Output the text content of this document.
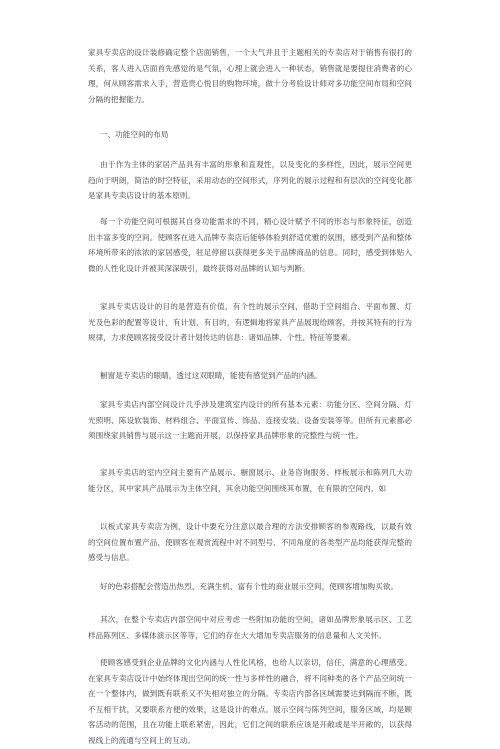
家具专卖店的设计装修确定整个店面销售，一个大气并且于主题相关的专卖店对于销售有很打的关系，客人进入店面首先感觉的是气氛，心理上就会进入一种状态，销售就是要提住消费者的心理，何从顾客需求入手，营造贵心悦目的购物环境，做十分考验设计师对多功能空间布局和空间分隔的把握能力。

一、功能空间的布局

由于作为主体的家居产品具有丰富的形象和直观性，以及变化的多样性，因此，展示空间更趋向于明朗，简洁的时空特征，采用动态的空间形式，序列化的展示过程和有层次的空间变化都是家具专卖店设计的基本原则。

每一个功能空间可根据其自身功能需求的不同，精心设计赋予不同的形态与形象特征，创造出丰富多变的空间。使顾客在进入品牌专卖店后能够体验到舒适优雅的氛围，感受到产品和整体环境所带来的浓浓的家居感受，驻足停留以获得更多关于品牌商品的信息。同时，感受到体贴入微的人性化设计并被其深深吸引，最终获得对品牌的认知与判断。

家具专卖店设计的目的是营造有价值，有个性的展示空间，借助于空间组合、平面布置、灯光及色彩的配置等设计，有计划，有目的，有逻辑地将家具产品展现给顾客，并按其特有的行为规律，力求使顾客接受设计者计划传达的信息：诸如品牌、个性、特征等要素。

橱窗是专卖店的眼睛，透过这双眼睛，能使有感觉到产品的内涵。

家具专卖店内部空间设计几乎涉及建筑室内设计的所有基本元素：功能分区、空间分隔、灯光照明、陈设软装饰、材料组合、平面宣传、饰品、连接安装、设备安装等等。但所有元素都必须围绕家具销售与展示这一主题而开展，以保持家具品牌形象的完整性与统一性。

家具专卖店的室内空间主要有产品展示、橱窗展示、业务咨询服务、样板展示和陈列几大功能分区，其中家具产品展示为主体空间，其余功能空间围绕其布置，在有限的空间内，如

以板式家具专卖店为例，设计中要充分注意以最合理的方法安排顾客的参观路线，以最有效的空间位置布置产品，使顾客在观赏流程中对不同型号、不同角度的各类型产品均能获得完整的感受与信息。

好的色彩搭配会营造出热烈、充满生机、富有个性的商业展示空间，使顾客增加购买欲。

其次，在整个专卖店内部空间中对应考虑一些附加功能的空间，诸如品牌形象展示区、工艺样品陈列区、多媒体演示区等等，它们的存在大大增加专卖店服务的信息量和人文关怀。

使顾客感受到企业品牌的文化内涵与人性化风格，也给人以亲切，信任，满意的心理感受。在家具专卖店设计中始终体现出空间的统一性与多样性的融合，将不同种类的各个产品空间统一在一个整体内，做到既有联系又不失相对独立的分隔。专卖店内部各区域需要达到隔而不断，既不互相干扰，又要联系方便的效果，这是设计的难点。展示空间与陈列空间，服务区域，均是顾客活动的范围，且在功能上联系紧密，因此，它们之间的联系应该是开敞或是半开敞的，以获得视线上的流通与空间上的互动。
